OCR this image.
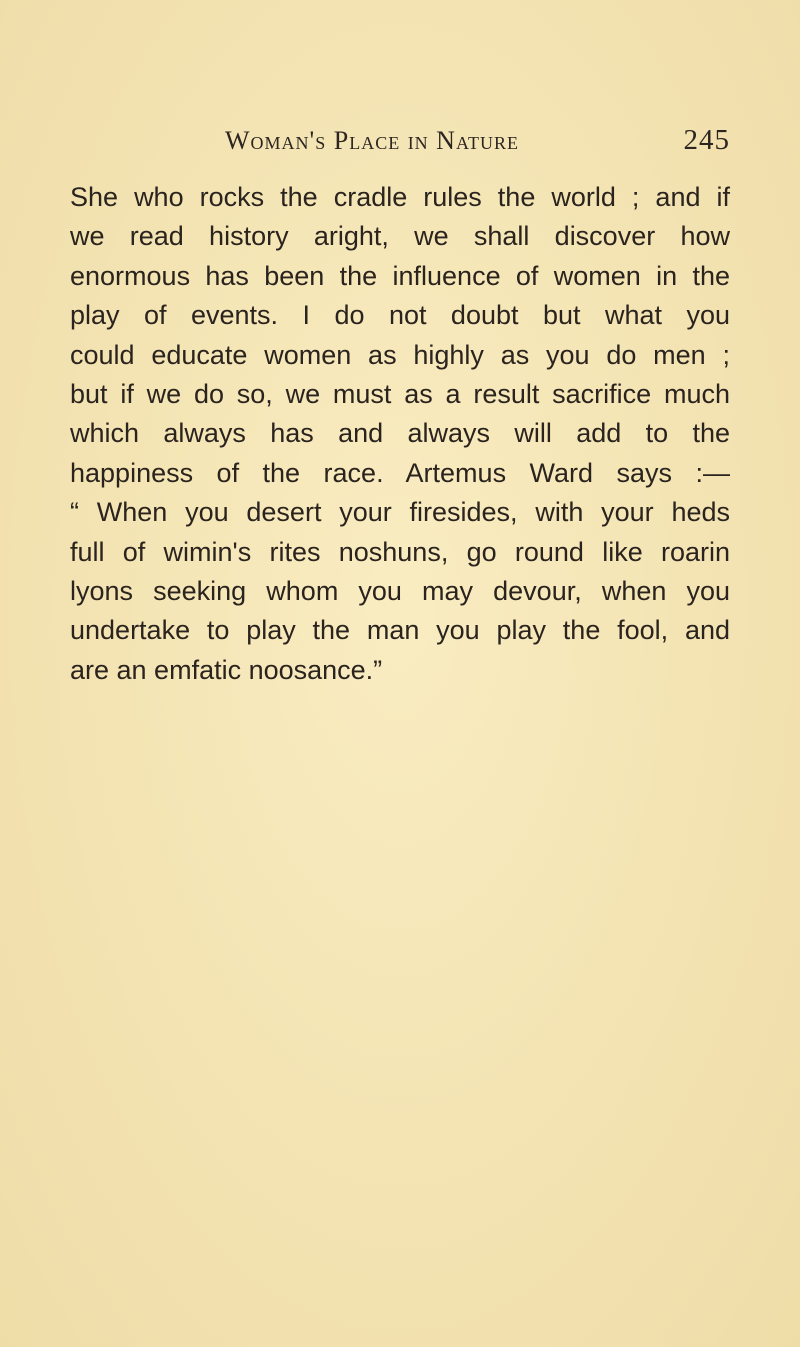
Woman's Place in Nature	245

She who rocks the cradle rules the world ; and if
we read history aright, we shall discover how
enormous has been the influence of women in the
play of events. I do not doubt but what you
could educate women as highly as you do men ;
but if we do so, we must as a result sacrifice much
which always has and always will add to the
happiness of the race. Artemus Ward says :—
“ When you desert your firesides, with your heds
full of wimin's rites noshuns, go round like roarin
lyons seeking whom you may devour, when you
undertake to play the man you play the fool, and
are an emfatic noosance.”
